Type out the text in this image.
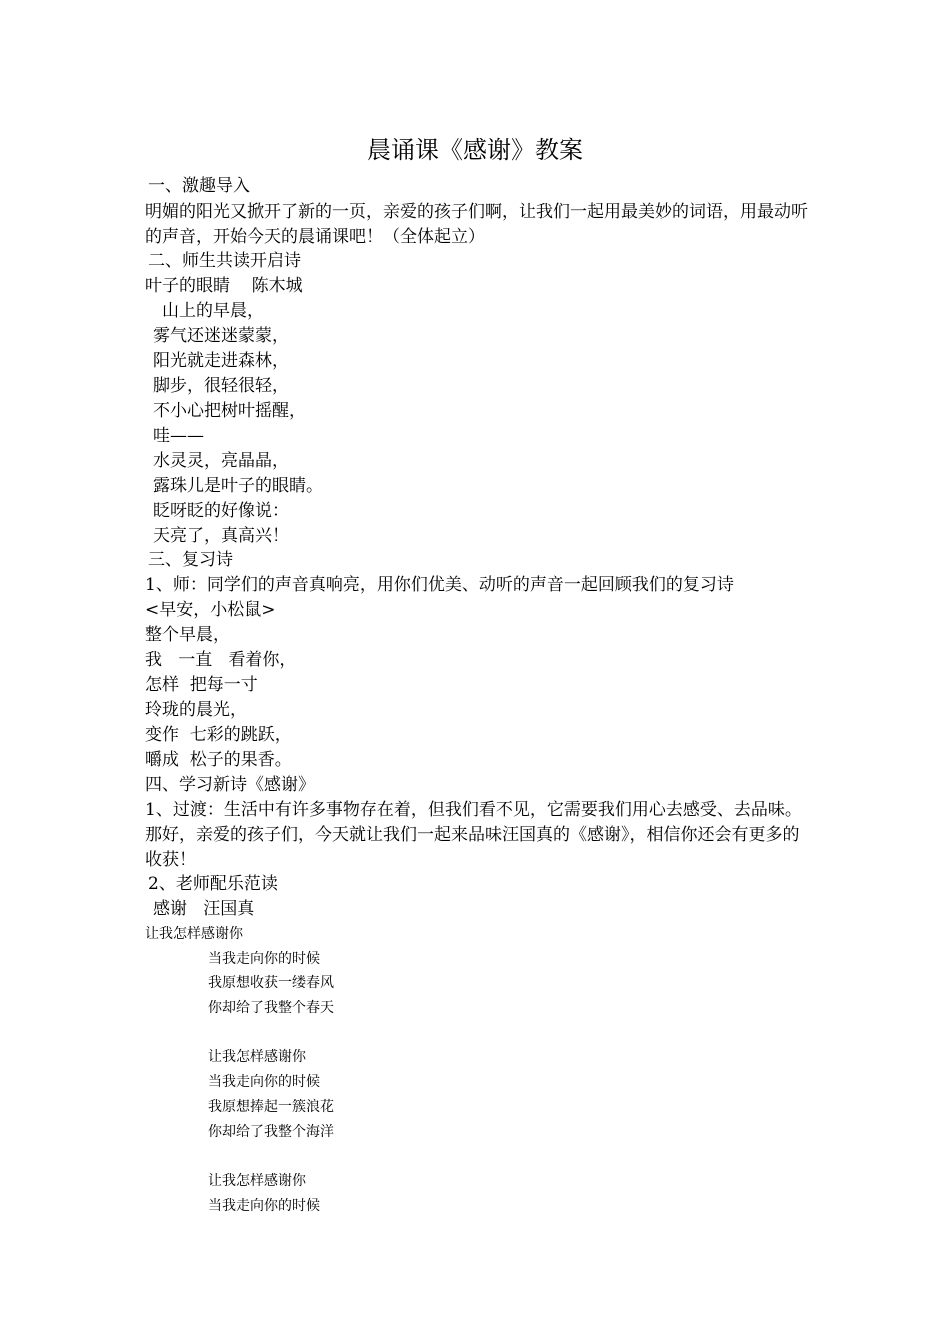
晨诵课《感谢》教案
一、激趣导入
明媚的阳光又掀开了新的一页，亲爱的孩子们啊，让我们一起用最美妙的词语，用最动听的声音，开始今天的晨诵课吧！（全体起立）
二、师生共读开启诗
叶子的眼睛    陈木城
山上的早晨，
雾气还迷迷蒙蒙，
阳光就走进森林，
脚步，很轻很轻，
不小心把树叶摇醒，
哇——
水灵灵，亮晶晶，
露珠儿是叶子的眼睛。
眨呀眨的好像说：
天亮了，真高兴！
三、复习诗
1、师：同学们的声音真响亮，用你们优美、动听的声音一起回顾我们的复习诗
<早安，小松鼠>
整个早晨，
我   一直   看着你，
怎样  把每一寸
玲珑的晨光，
变作  七彩的跳跃，
嚼成  松子的果香。
四、学习新诗《感谢》
1、过渡：生活中有许多事物存在着，但我们看不见，它需要我们用心去感受、去品味。那好，亲爱的孩子们，今天就让我们一起来品味汪国真的《感谢》，相信你还会有更多的收获！
2、老师配乐范读
感谢   汪国真
让我怎样感谢你
当我走向你的时候
我原想收获一缕春风
你却给了我整个春天
让我怎样感谢你
当我走向你的时候
我原想捧起一簇浪花
你却给了我整个海洋
让我怎样感谢你
当我走向你的时候
